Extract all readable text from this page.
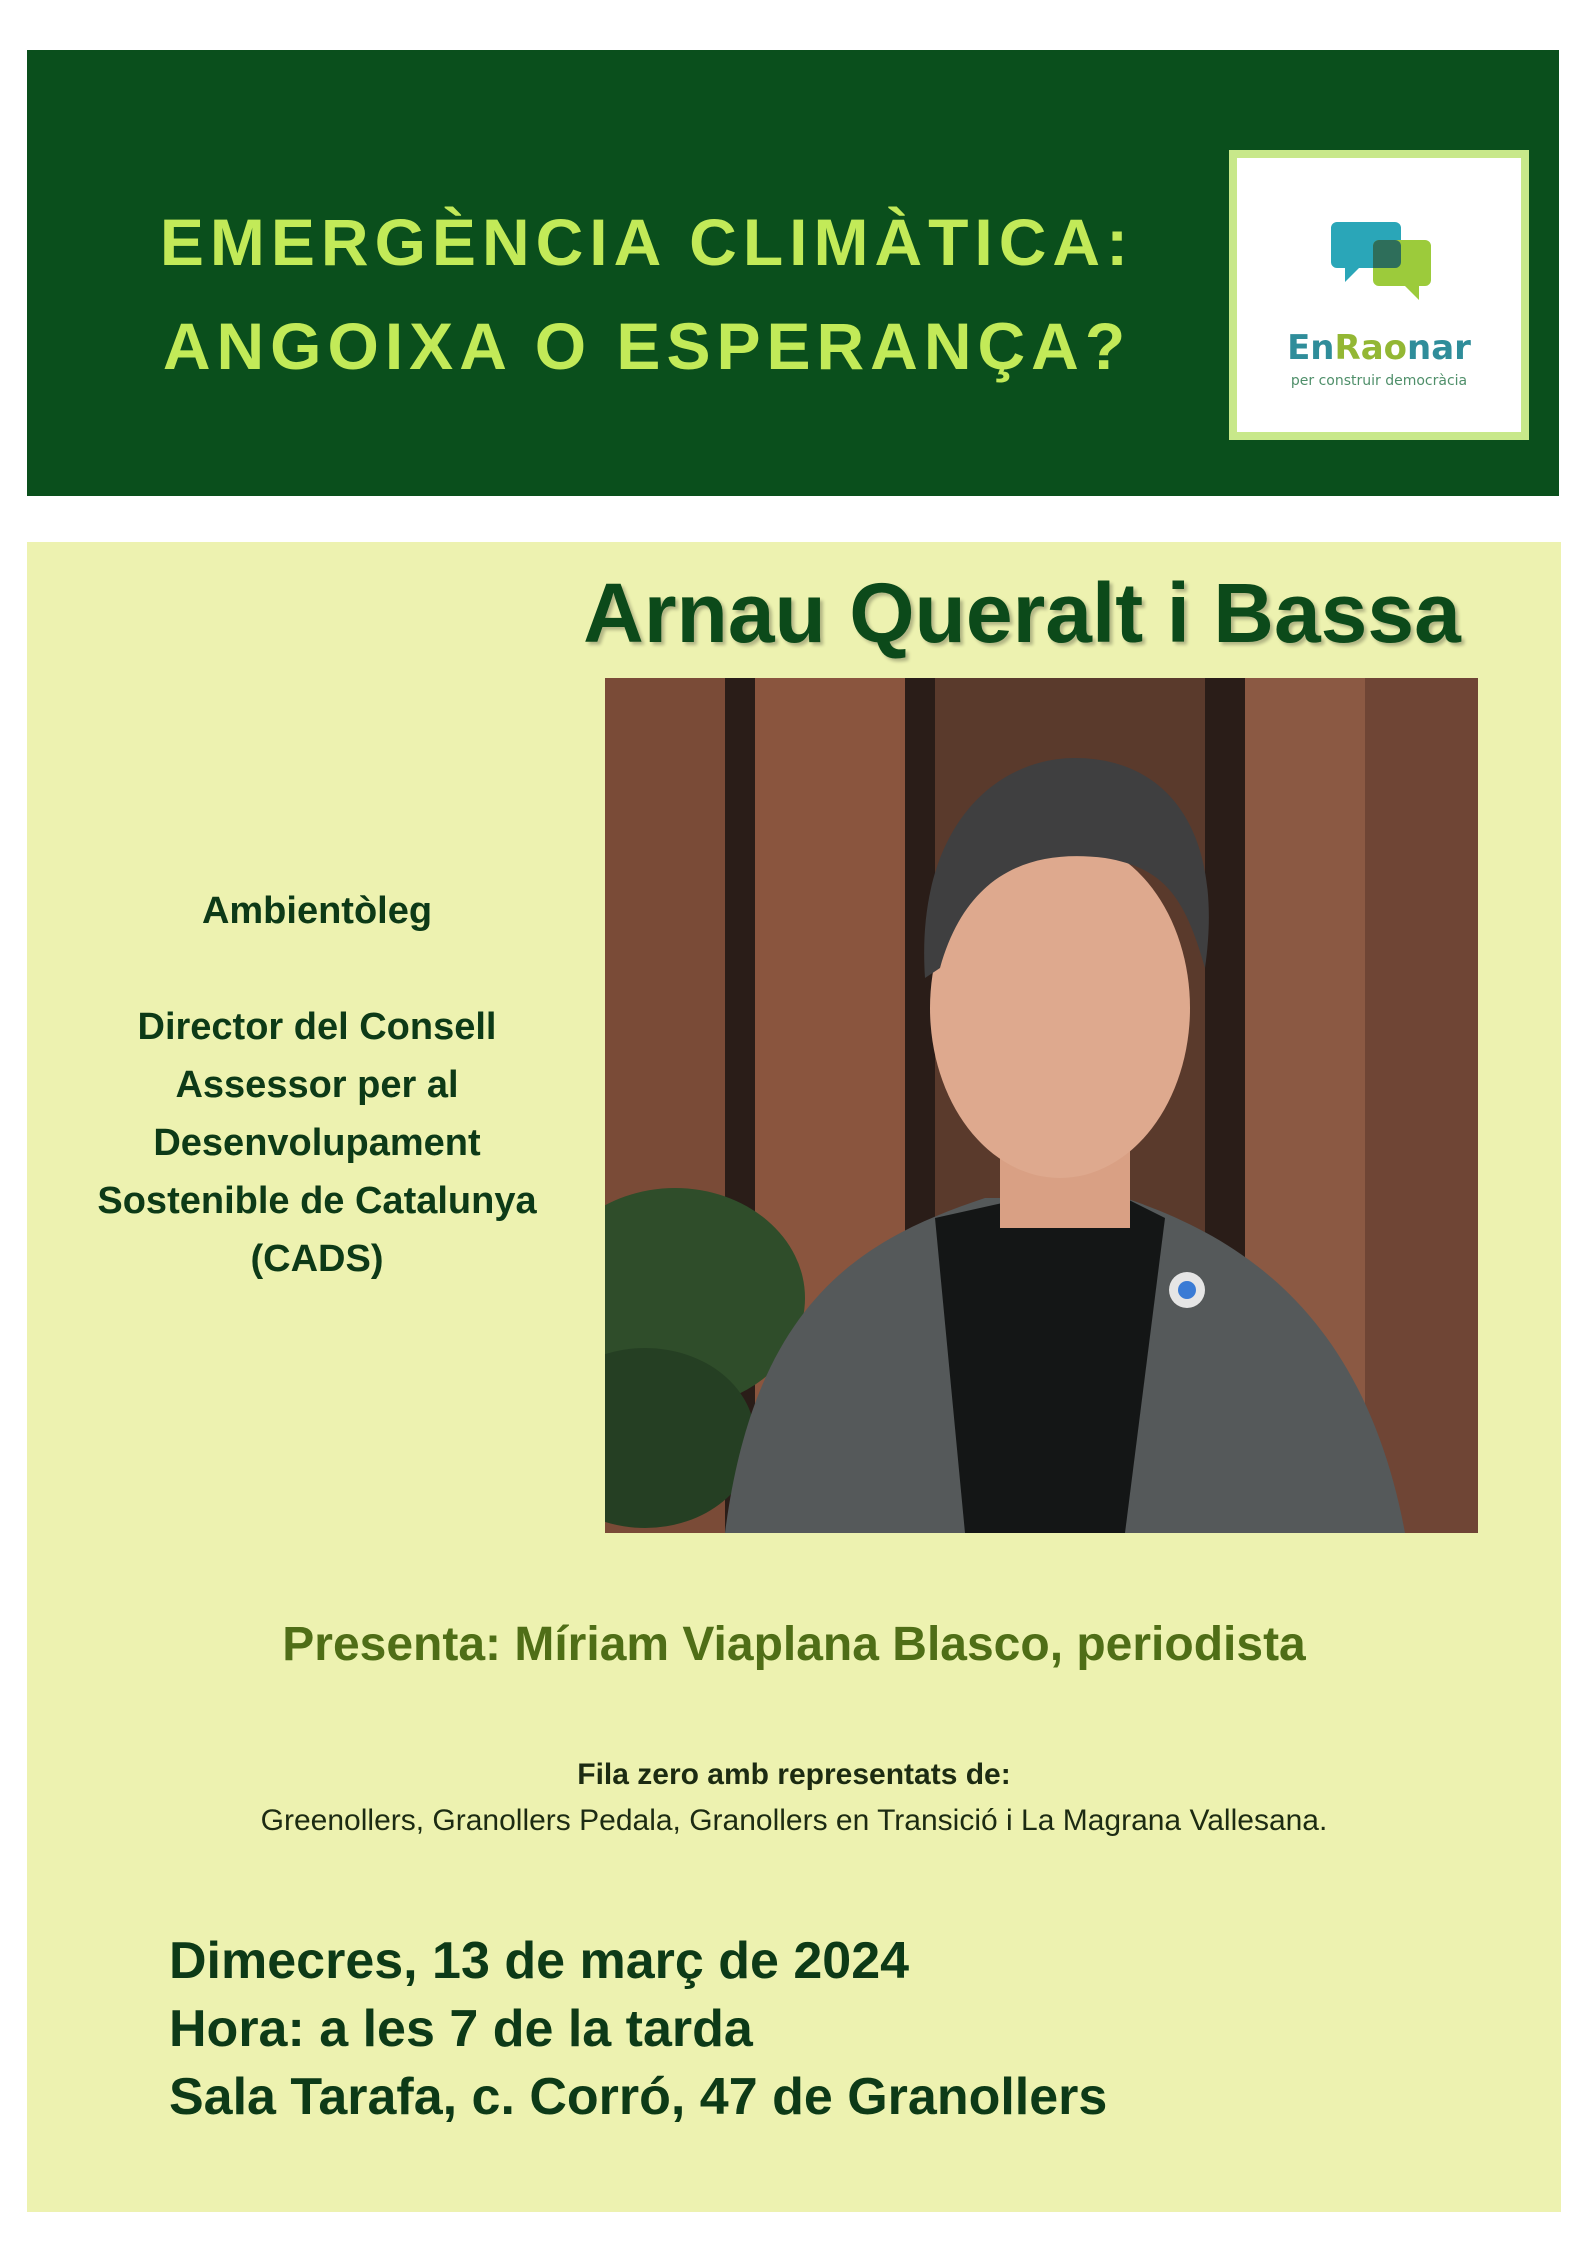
EMERGÈNCIA CLIMÀTICA:
ANGOIXA O ESPERANÇA?	EnRaonar
per construir democràcia
Arnau Queralt i Bassa
Ambientòleg
Director del Consell
Assessor per al
Desenvolupament
Sostenible de Catalunya
(CADS)

Presenta: Míriam Viaplana Blasco, periodista

Fila zero amb representats de:
Greenollers, Granollers Pedala, Granollers en Transició i La Magrana Vallesana.

Dimecres, 13 de març de 2024
Hora: a les 7 de la tarda
Sala Tarafa, c. Corró, 47 de Granollers
